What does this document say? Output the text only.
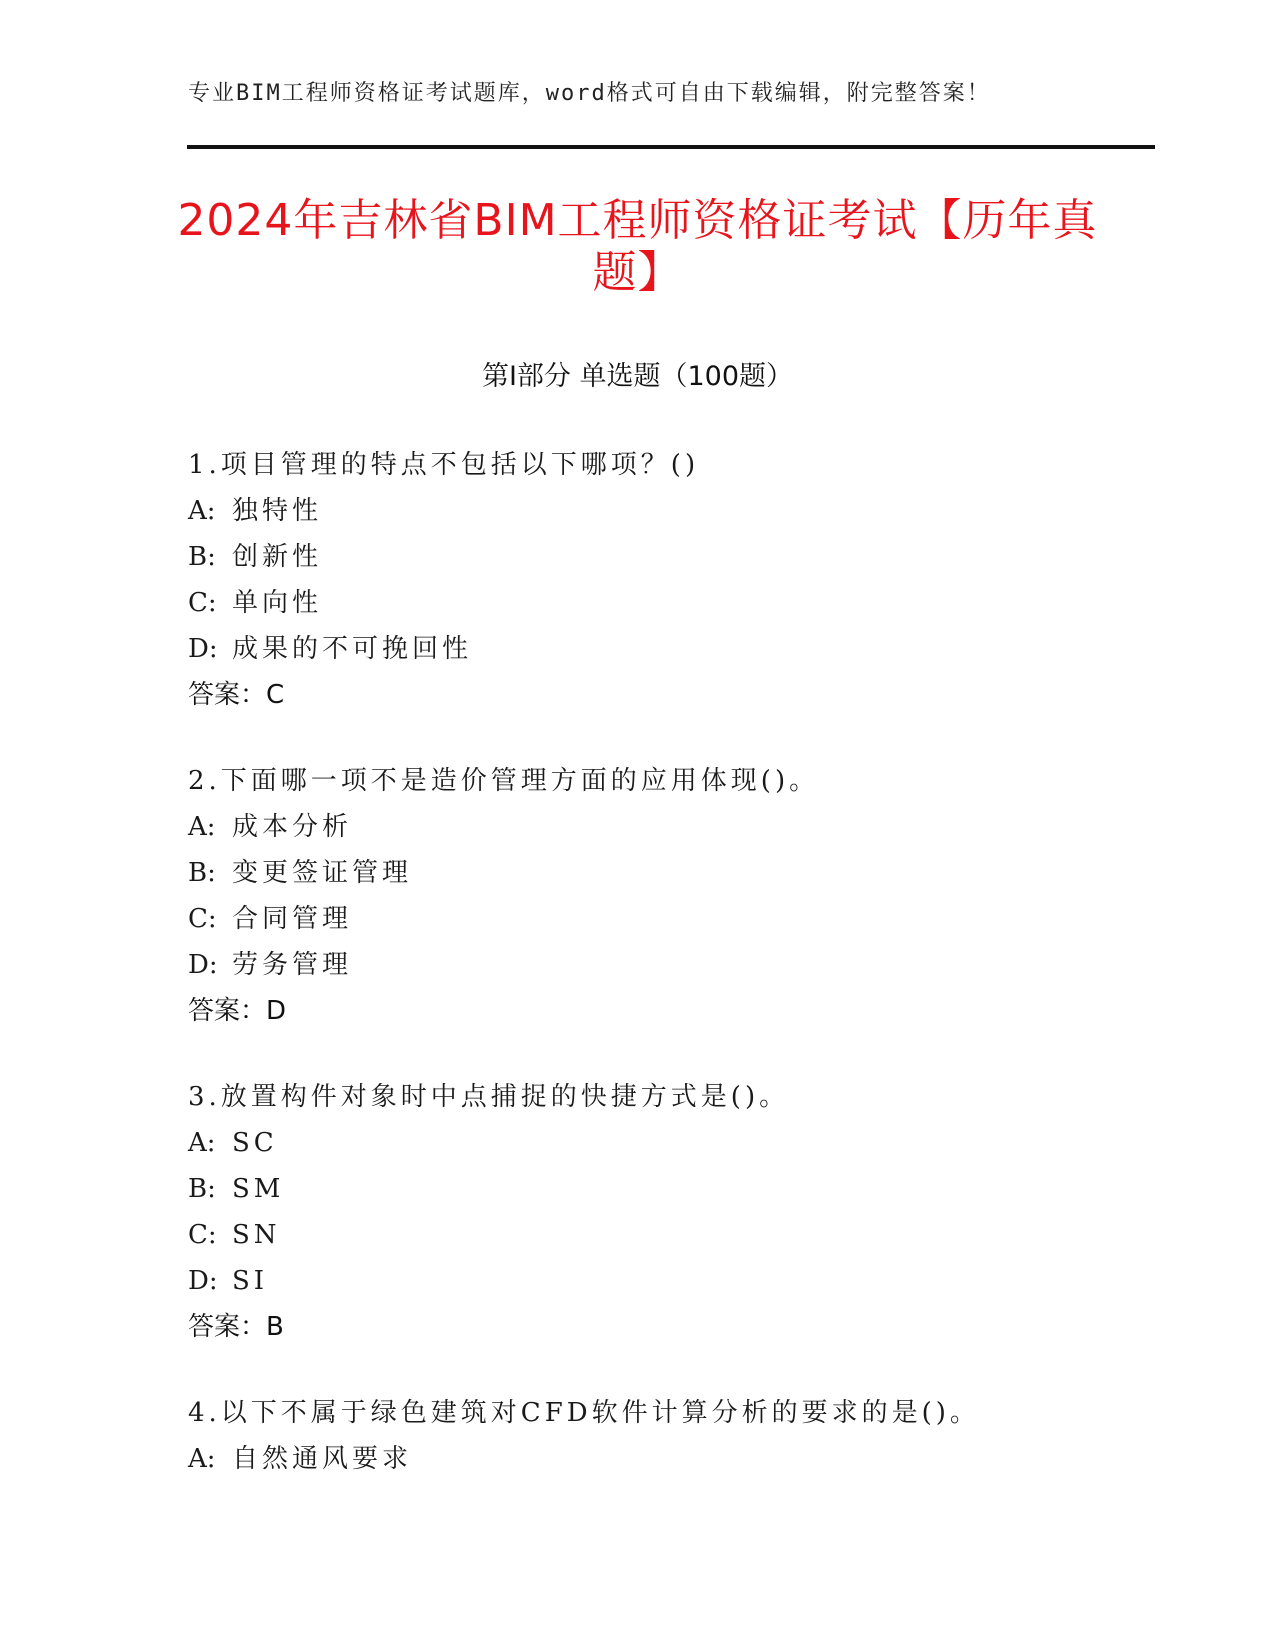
专业BIM工程师资格证考试题库，word格式可自由下载编辑，附完整答案！
2024年吉林省BIM工程师资格证考试【历年真题】
第Ⅰ部分 单选题（100题）
1.项目管理的特点不包括以下哪项？()
A: 独特性
B: 创新性
C: 单向性
D: 成果的不可挽回性
答案：C
2.下面哪一项不是造价管理方面的应用体现()。
A: 成本分析
B: 变更签证管理
C: 合同管理
D: 劳务管理
答案：D
3.放置构件对象时中点捕捉的快捷方式是()。
A: SC
B: SM
C: SN
D: SI
答案：B
4.以下不属于绿色建筑对CFD软件计算分析的要求的是()。
A: 自然通风要求
